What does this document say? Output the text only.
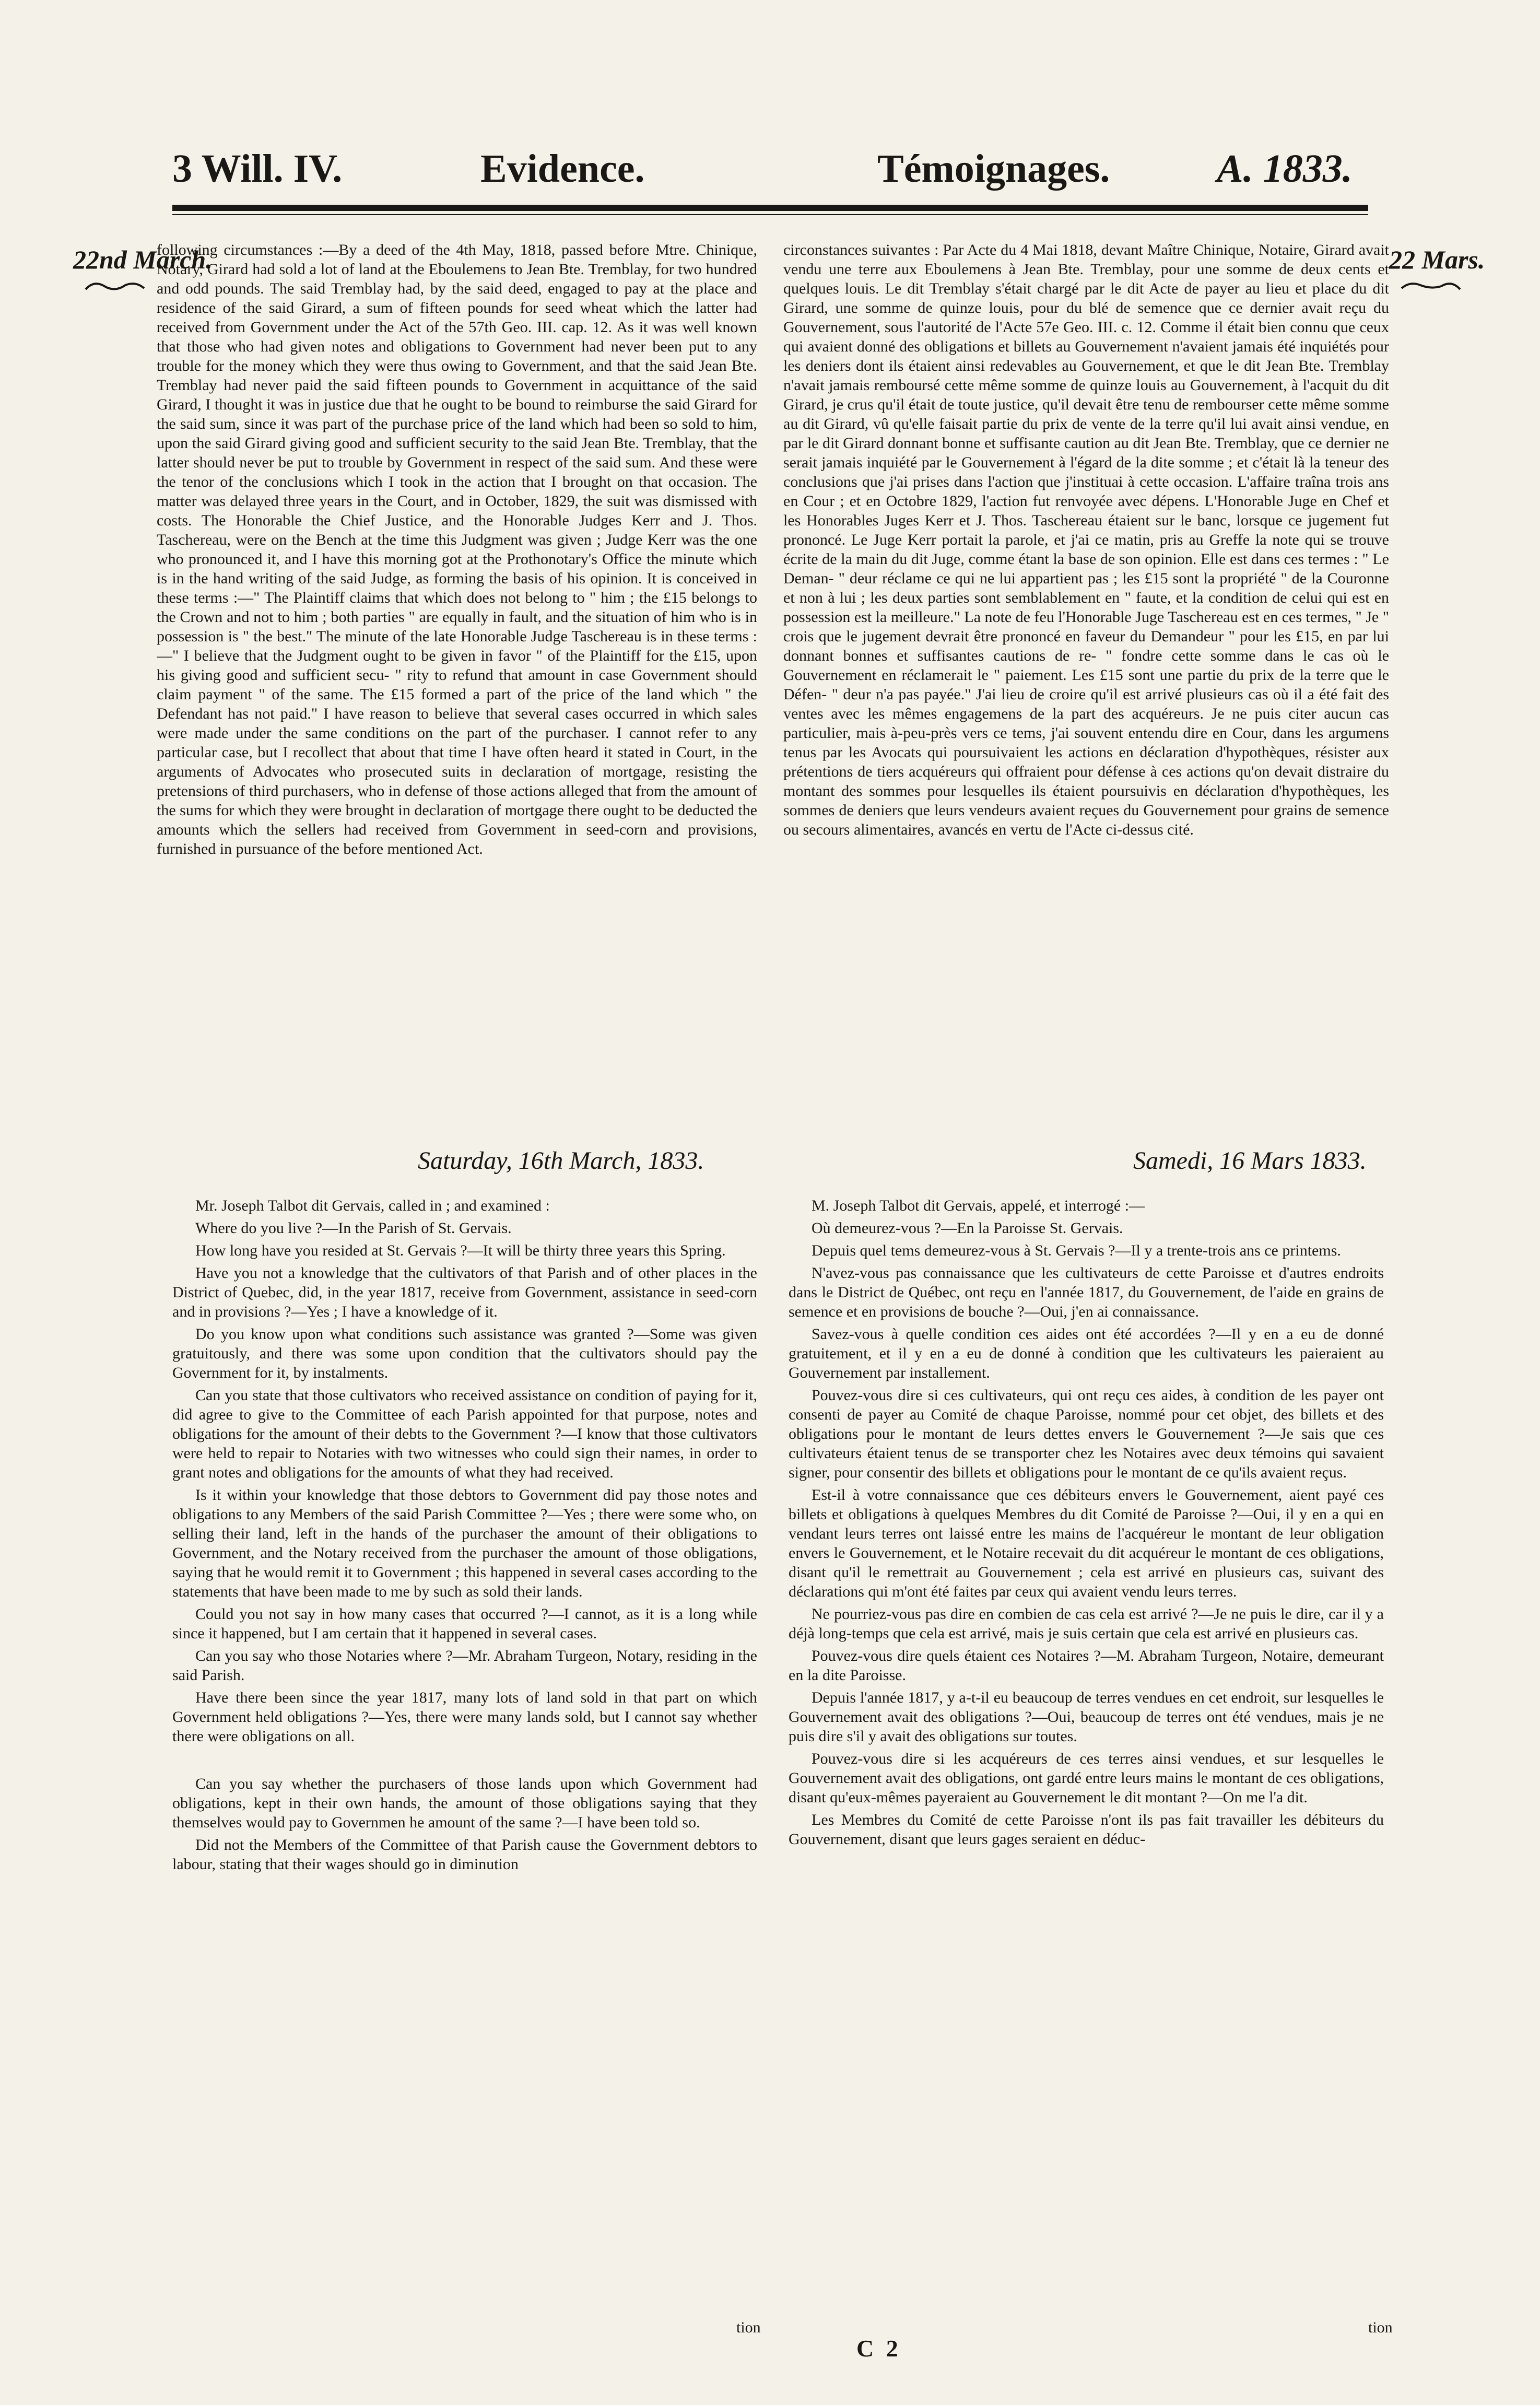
3 Will. IV.	Evidence.	Témoignages.	A. 1833.
22nd March.	22 Mars.

following circumstances :—By a deed of the 4th May, 1818, passed before Mtre. Chinique, Notary, Girard had sold a lot of land at the Eboulemens to Jean Bte. Tremblay, for two hundred and odd pounds. The said Tremblay had, by the said deed, engaged to pay at the place and residence of the said Girard, a sum of fifteen pounds for seed wheat which the latter had received from Government under the Act of the 57th Geo. III. cap. 12. As it was well known that those who had given notes and obligations to Government had never been put to any trouble for the money which they were thus owing to Government, and that the said Jean Bte. Tremblay had never paid the said fifteen pounds to Government in acquittance of the said Girard, I thought it was in justice due that he ought to be bound to reimburse the said Girard for the said sum, since it was part of the purchase price of the land which had been so sold to him, upon the said Girard giving good and sufficient security to the said Jean Bte. Tremblay, that the latter should never be put to trouble by Government in respect of the said sum. And these were the tenor of the conclusions which I took in the action that I brought on that occasion. The matter was delayed three years in the Court, and in October, 1829, the suit was dismissed with costs. The Honorable the Chief Justice, and the Honorable Judges Kerr and J. Thos. Taschereau, were on the Bench at the time this Judgment was given ; Judge Kerr was the one who pronounced it, and I have this morning got at the Prothonotary's Office the minute which is in the hand writing of the said Judge, as forming the basis of his opinion. It is conceived in these terms :—" The Plaintiff claims that which does not belong to " him ; the £15 belongs to the Crown and not to him ; both parties " are equally in fault, and the situation of him who is in possession is " the best." The minute of the late Honorable Judge Taschereau is in these terms :—" I believe that the Judgment ought to be given in favor " of the Plaintiff for the £15, upon his giving good and sufficient secu- " rity to refund that amount in case Government should claim payment " of the same. The £15 formed a part of the price of the land which " the Defendant has not paid." I have reason to believe that several cases occurred in which sales were made under the same conditions on the part of the purchaser. I cannot refer to any particular case, but I recollect that about that time I have often heard it stated in Court, in the arguments of Advocates who prosecuted suits in declaration of mortgage, resisting the pretensions of third purchasers, who in defense of those actions alleged that from the amount of the sums for which they were brought in declaration of mortgage there ought to be deducted the amounts which the sellers had received from Government in seed-corn and provisions, furnished in pursuance of the before mentioned Act.

circonstances suivantes : Par Acte du 4 Mai 1818, devant Maître Chinique, Notaire, Girard avait vendu une terre aux Eboulemens à Jean Bte. Tremblay, pour une somme de deux cents et quelques louis. Le dit Tremblay s'était chargé par le dit Acte de payer au lieu et place du dit Girard, une somme de quinze louis, pour du blé de semence que ce dernier avait reçu du Gouvernement, sous l'autorité de l'Acte 57e Geo. III. c. 12. Comme il était bien connu que ceux qui avaient donné des obligations et billets au Gouvernement n'avaient jamais été inquiétés pour les deniers dont ils étaient ainsi redevables au Gouvernement, et que le dit Jean Bte. Tremblay n'avait jamais remboursé cette même somme de quinze louis au Gouvernement, à l'acquit du dit Girard, je crus qu'il était de toute justice, qu'il devait être tenu de rembourser cette même somme au dit Girard, vû qu'elle faisait partie du prix de vente de la terre qu'il lui avait ainsi vendue, en par le dit Girard donnant bonne et suffisante caution au dit Jean Bte. Tremblay, que ce dernier ne serait jamais inquiété par le Gouvernement à l'égard de la dite somme ; et c'était là la teneur des conclusions que j'ai prises dans l'action que j'instituai à cette occasion. L'affaire traîna trois ans en Cour ; et en Octobre 1829, l'action fut renvoyée avec dépens. L'Honorable Juge en Chef et les Honorables Juges Kerr et J. Thos. Taschereau étaient sur le banc, lorsque ce jugement fut prononcé. Le Juge Kerr portait la parole, et j'ai ce matin, pris au Greffe la note qui se trouve écrite de la main du dit Juge, comme étant la base de son opinion. Elle est dans ces termes : " Le Deman- " deur réclame ce qui ne lui appartient pas ; les £15 sont la propriété " de la Couronne et non à lui ; les deux parties sont semblablement en " faute, et la condition de celui qui est en possession est la meilleure." La note de feu l'Honorable Juge Taschereau est en ces termes, " Je " crois que le jugement devrait être prononcé en faveur du Demandeur " pour les £15, en par lui donnant bonnes et suffisantes cautions de re- " fondre cette somme dans le cas où le Gouvernement en réclamerait le " paiement. Les £15 sont une partie du prix de la terre que le Défen- " deur n'a pas payée." J'ai lieu de croire qu'il est arrivé plusieurs cas où il a été fait des ventes avec les mêmes engagemens de la part des acquéreurs. Je ne puis citer aucun cas particulier, mais à-peu-près vers ce tems, j'ai souvent entendu dire en Cour, dans les argumens tenus par les Avocats qui poursuivaient les actions en déclaration d'hypothèques, résister aux prétentions de tiers acquéreurs qui offraient pour défense à ces actions qu'on devait distraire du montant des sommes pour lesquelles ils étaient poursuivis en déclaration d'hypothèques, les sommes de deniers que leurs vendeurs avaient reçues du Gouvernement pour grains de semence ou secours alimentaires, avancés en vertu de l'Acte ci-dessus cité.

Saturday, 16th March, 1833.	Samedi, 16 Mars 1833.

Mr. Joseph Talbot dit Gervais, called in ; and examined :

Where do you live ?—In the Parish of St. Gervais.

How long have you resided at St. Gervais ?—It will be thirty three years this Spring.

Have you not a knowledge that the cultivators of that Parish and of other places in the District of Quebec, did, in the year 1817, receive from Government, assistance in seed-corn and in provisions ?—Yes ; I have a knowledge of it.

Do you know upon what conditions such assistance was granted ?—Some was given gratuitously, and there was some upon condition that the cultivators should pay the Government for it, by instalments.

Can you state that those cultivators who received assistance on condition of paying for it, did agree to give to the Committee of each Parish appointed for that purpose, notes and obligations for the amount of their debts to the Government ?—I know that those cultivators were held to repair to Notaries with two witnesses who could sign their names, in order to grant notes and obligations for the amounts of what they had received.

Is it within your knowledge that those debtors to Government did pay those notes and obligations to any Members of the said Parish Committee ?—Yes ; there were some who, on selling their land, left in the hands of the purchaser the amount of their obligations to Government, and the Notary received from the purchaser the amount of those obligations, saying that he would remit it to Government ; this happened in several cases according to the statements that have been made to me by such as sold their lands.

Could you not say in how many cases that occurred ?—I cannot, as it is a long while since it happened, but I am certain that it happened in several cases.

Can you say who those Notaries where ?—Mr. Abraham Turgeon, Notary, residing in the said Parish.

Have there been since the year 1817, many lots of land sold in that part on which Government held obligations ?—Yes, there were many lands sold, but I cannot say whether there were obligations on all.

Can you say whether the purchasers of those lands upon which Government had obligations, kept in their own hands, the amount of those obligations saying that they themselves would pay to Governmen he amount of the same ?—I have been told so.

Did not the Members of the Committee of that Parish cause the Government debtors to labour, stating that their wages should go in diminution

M. Joseph Talbot dit Gervais, appelé, et interrogé :—

Où demeurez-vous ?—En la Paroisse St. Gervais.

Depuis quel tems demeurez-vous à St. Gervais ?—Il y a trente-trois ans ce printems.

N'avez-vous pas connaissance que les cultivateurs de cette Paroisse et d'autres endroits dans le District de Québec, ont reçu en l'année 1817, du Gouvernement, de l'aide en grains de semence et en provisions de bouche ?—Oui, j'en ai connaissance.

Savez-vous à quelle condition ces aides ont été accordées ?—Il y en a eu de donné gratuitement, et il y en a eu de donné à condition que les cultivateurs les paieraient au Gouvernement par installement.

Pouvez-vous dire si ces cultivateurs, qui ont reçu ces aides, à condition de les payer ont consenti de payer au Comité de chaque Paroisse, nommé pour cet objet, des billets et des obligations pour le montant de leurs dettes envers le Gouvernement ?—Je sais que ces cultivateurs étaient tenus de se transporter chez les Notaires avec deux témoins qui savaient signer, pour consentir des billets et obligations pour le montant de ce qu'ils avaient reçus.

Est-il à votre connaissance que ces débiteurs envers le Gouvernement, aient payé ces billets et obligations à quelques Membres du dit Comité de Paroisse ?—Oui, il y en a qui en vendant leurs terres ont laissé entre les mains de l'acquéreur le montant de leur obligation envers le Gouvernement, et le Notaire recevait du dit acquéreur le montant de ces obligations, disant qu'il le remettrait au Gouvernement ; cela est arrivé en plusieurs cas, suivant des déclarations qui m'ont été faites par ceux qui avaient vendu leurs terres.

Ne pourriez-vous pas dire en combien de cas cela est arrivé ?—Je ne puis le dire, car il y a déjà long-temps que cela est arrivé, mais je suis certain que cela est arrivé en plusieurs cas.

Pouvez-vous dire quels étaient ces Notaires ?—M. Abraham Turgeon, Notaire, demeurant en la dite Paroisse.

Depuis l'année 1817, y a-t-il eu beaucoup de terres vendues en cet endroit, sur lesquelles le Gouvernement avait des obligations ?—Oui, beaucoup de terres ont été vendues, mais je ne puis dire s'il y avait des obligations sur toutes.

Pouvez-vous dire si les acquéreurs de ces terres ainsi vendues, et sur lesquelles le Gouvernement avait des obligations, ont gardé entre leurs mains le montant de ces obligations, disant qu'eux-mêmes payeraient au Gouvernement le dit montant ?—On me l'a dit.

Les Membres du Comité de cette Paroisse n'ont ils pas fait travailler les débiteurs du Gouvernement, disant que leurs gages seraient en déduc-

tion	tion
C 2
